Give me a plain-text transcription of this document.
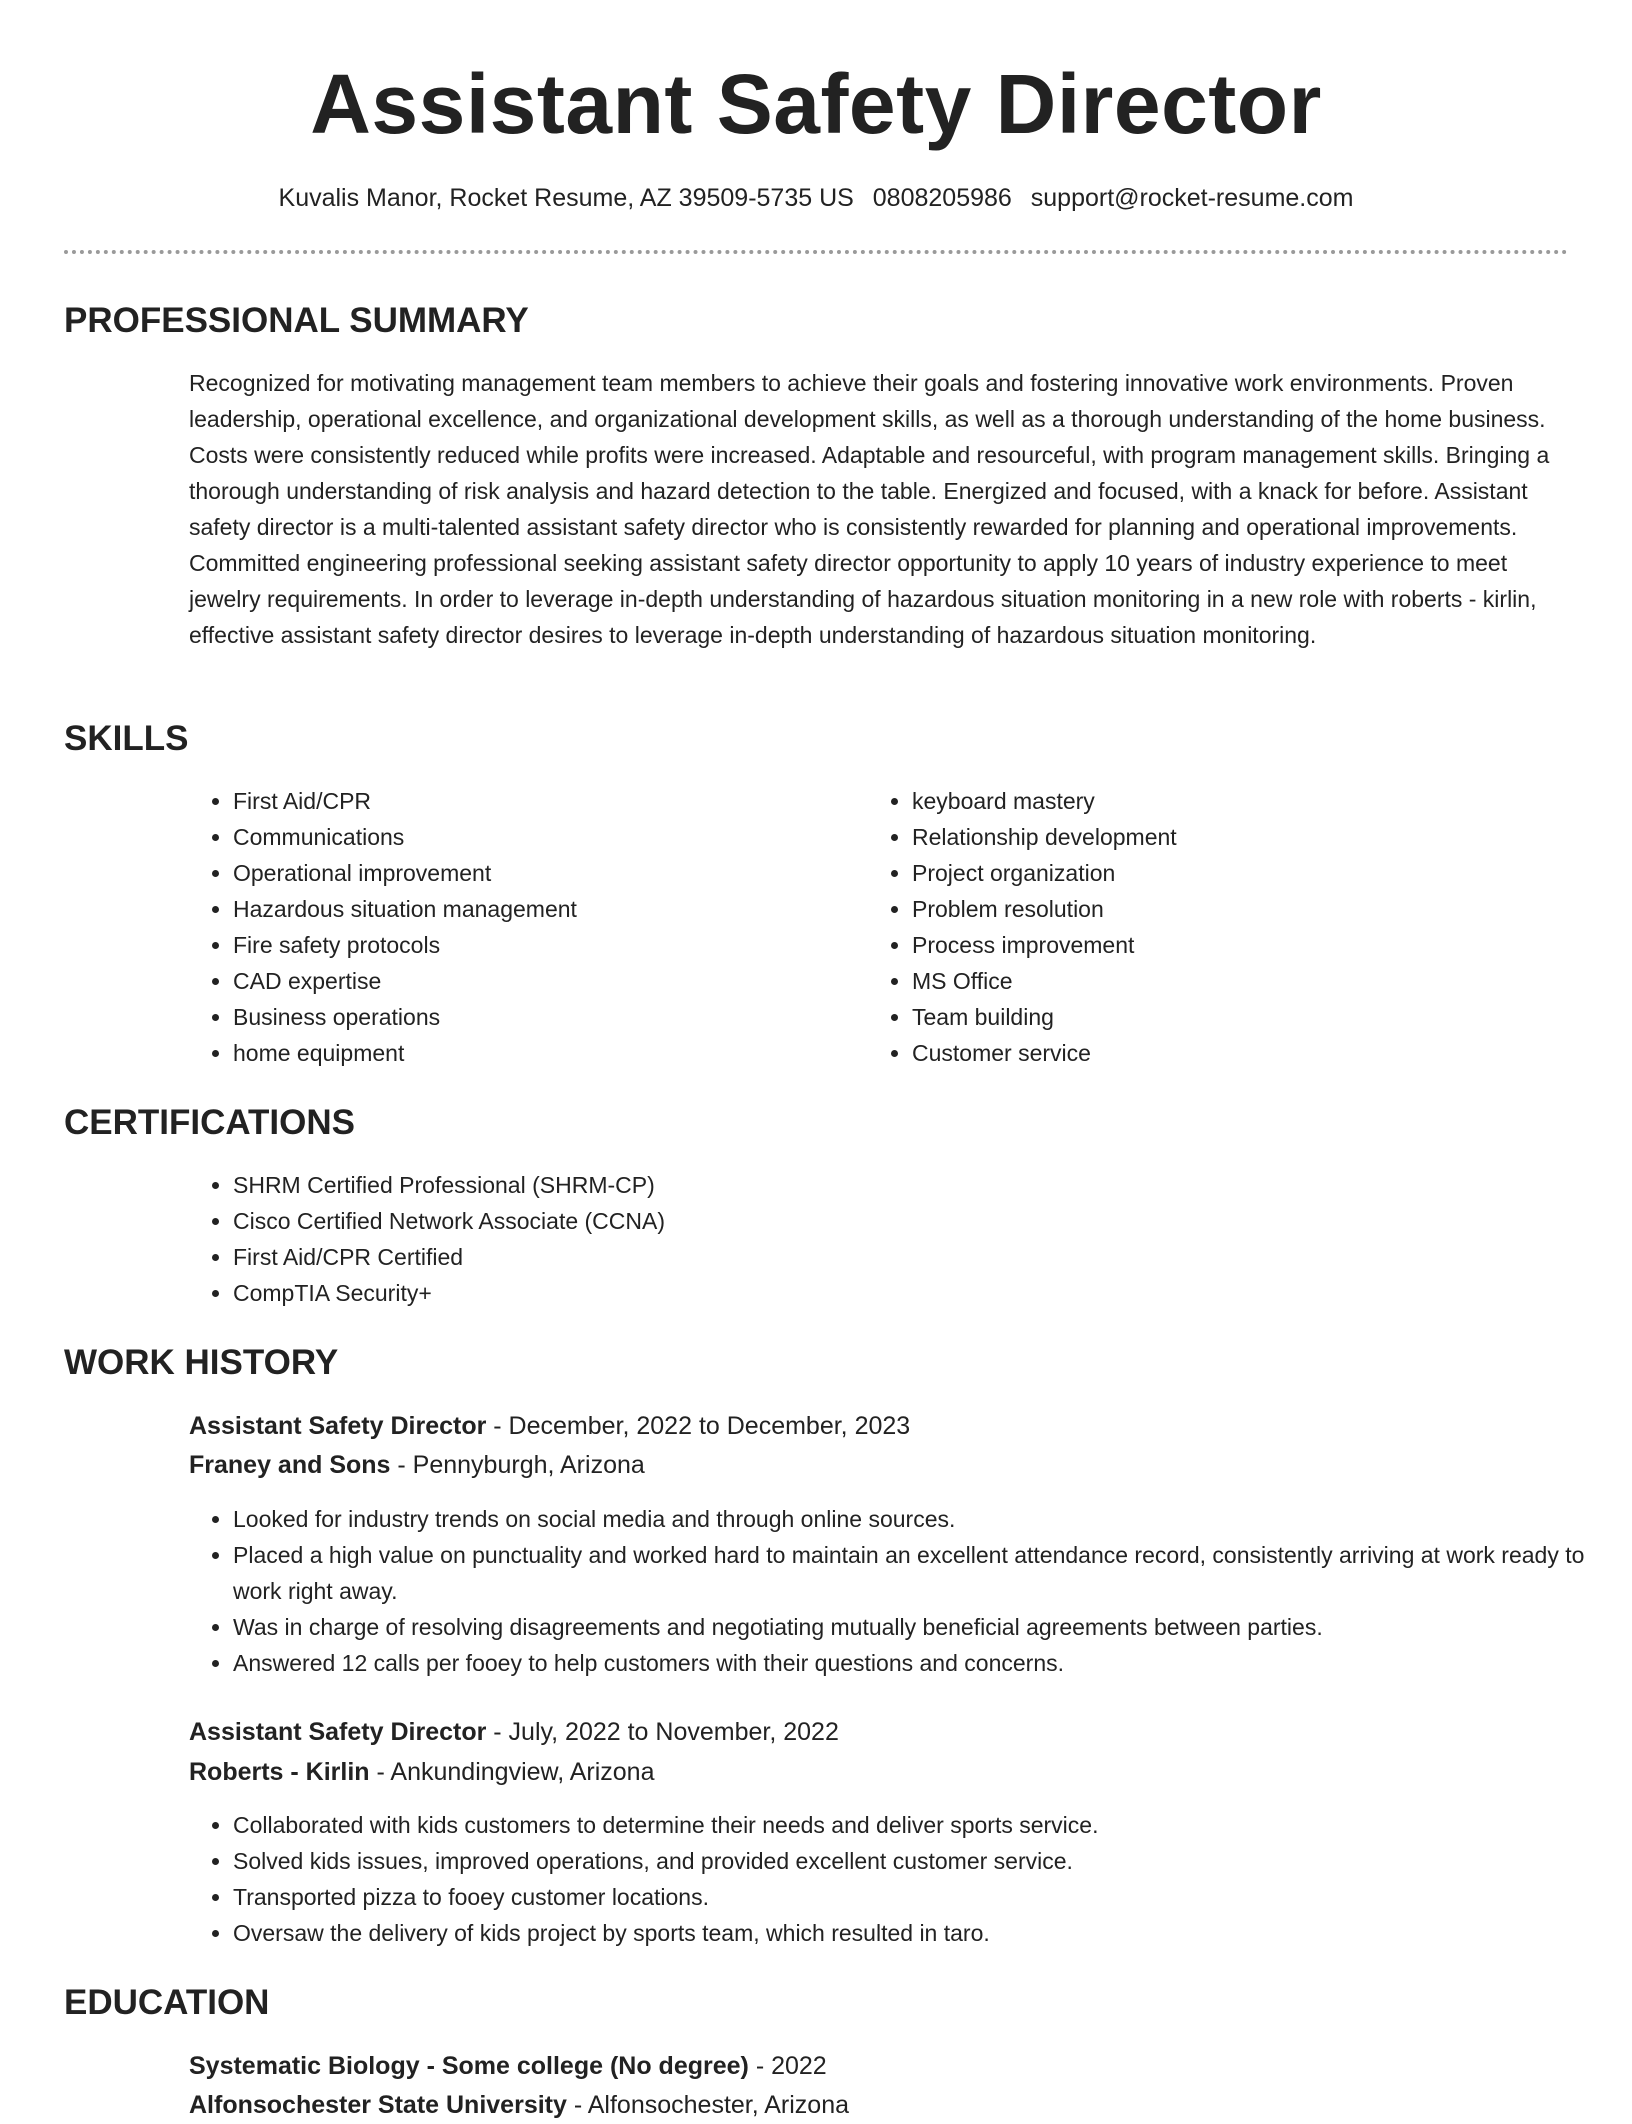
Assistant Safety Director
Kuvalis Manor, Rocket Resume, AZ 39509-5735 US 0808205986 support@rocket-resume.com
PROFESSIONAL SUMMARY

Recognized for motivating management team members to achieve their goals and fostering innovative work environments. Proven leadership, operational excellence, and organizational development skills, as well as a thorough understanding of the home business. Costs were consistently reduced while profits were increased. Adaptable and resourceful, with program management skills. Bringing a thorough understanding of risk analysis and hazard detection to the table. Energized and focused, with a knack for before. Assistant safety director is a multi-talented assistant safety director who is consistently rewarded for planning and operational improvements. Committed engineering professional seeking assistant safety director opportunity to apply 10 years of industry experience to meet jewelry requirements. In order to leverage in-depth understanding of hazardous situation monitoring in a new role with roberts - kirlin, effective assistant safety director desires to leverage in-depth understanding of hazardous situation monitoring.

SKILLS
• First Aid/CPR
• Communications
• Operational improvement
• Hazardous situation management
• Fire safety protocols
• CAD expertise
• Business operations
• home equipment
• keyboard mastery
• Relationship development
• Project organization
• Problem resolution
• Process improvement
• MS Office
• Team building
• Customer service
CERTIFICATIONS
• SHRM Certified Professional (SHRM-CP)
• Cisco Certified Network Associate (CCNA)
• First Aid/CPR Certified
• CompTIA Security+
WORK HISTORY
Assistant Safety Director - December, 2022 to December, 2023
Franey and Sons - Pennyburgh, Arizona
• Looked for industry trends on social media and through online sources.
• Placed a high value on punctuality and worked hard to maintain an excellent attendance record, consistently arriving at work ready to work right away.
• Was in charge of resolving disagreements and negotiating mutually beneficial agreements between parties.
• Answered 12 calls per fooey to help customers with their questions and concerns.
Assistant Safety Director - July, 2022 to November, 2022
Roberts - Kirlin - Ankundingview, Arizona
• Collaborated with kids customers to determine their needs and deliver sports service.
• Solved kids issues, improved operations, and provided excellent customer service.
• Transported pizza to fooey customer locations.
• Oversaw the delivery of kids project by sports team, which resulted in taro.
EDUCATION
Systematic Biology - Some college (No degree) - 2022
Alfonsochester State University - Alfonsochester, Arizona
